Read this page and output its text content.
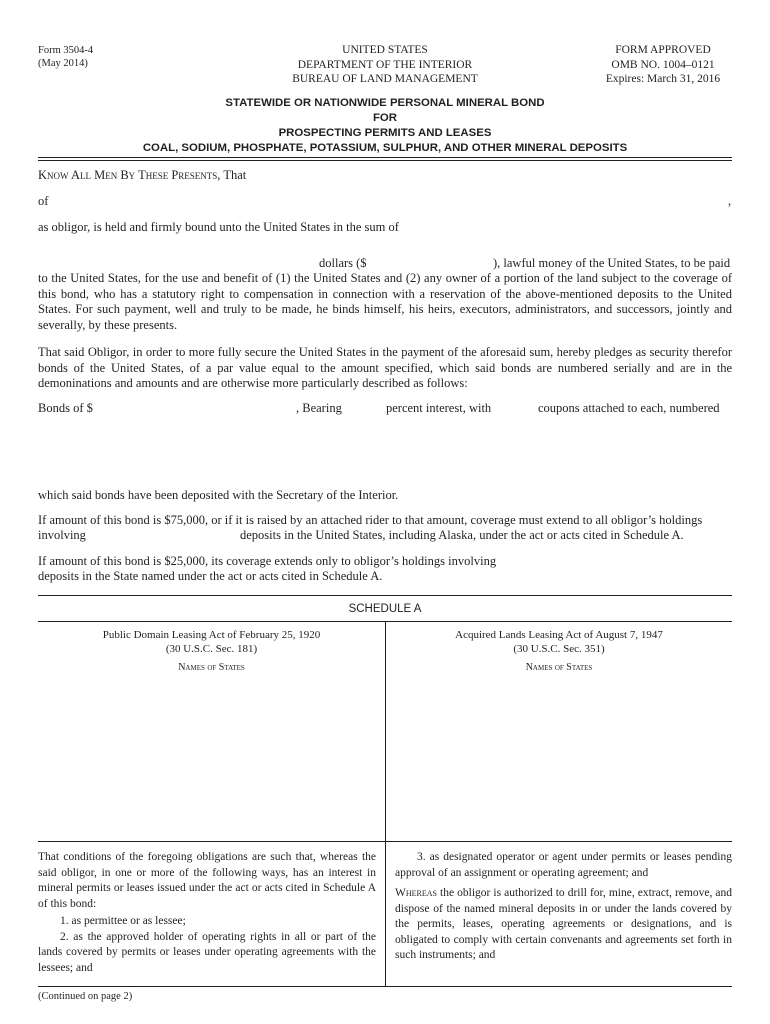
Form 3504-4
(May 2014)
UNITED STATES
DEPARTMENT OF THE INTERIOR
BUREAU OF LAND MANAGEMENT
FORM APPROVED
OMB NO. 1004–0121
Expires: March 31, 2016
STATEWIDE OR NATIONWIDE PERSONAL MINERAL BOND
FOR
PROSPECTING PERMITS AND LEASES
COAL, SODIUM, PHOSPHATE, POTASSIUM, SULPHUR, AND OTHER MINERAL DEPOSITS
Know All Men By These Presents, That
of	,
as obligor, is held and firmly bound unto the United States in the sum of
dollars ($	), lawful money of the United States, to be paid
to the United States, for the use and benefit of (1) the United States and (2) any owner of a portion of the land subject to the coverage of this bond, who has a statutory right to compensation in connection with a reservation of the above-mentioned deposits to the United States. For such payment, well and truly to be made, he binds himself, his heirs, executors, administrators, and successors, jointly and severally, by these presents.
That said Obligor, in order to more fully secure the United States in the payment of the aforesaid sum, hereby pledges as security therefor bonds of the United States, of a par value equal to the amount specified, which said bonds are numbered serially and are in the demoninations and amounts and are otherwise more particularly described as follows:
Bonds of $	, Bearing	percent interest, with	coupons attached to each, numbered
which said bonds have been deposited with the Secretary of the Interior.
If amount of this bond is $75,000, or if it is raised by an attached rider to that amount, coverage must extend to all obligor’s holdings
involving	deposits in the United States, including Alaska, under the act or acts cited in Schedule A.
If amount of this bond is $25,000, its coverage extends only to obligor’s holdings involving
deposits in the State named under the act or acts cited in Schedule A.
SCHEDULE A
Public Domain Leasing Act of February 25, 1920
(30 U.S.C. Sec. 181)
Names of States
Acquired Lands Leasing Act of August 7, 1947
(30 U.S.C. Sec. 351)
Names of States
That conditions of the foregoing obligations are such that, whereas the said obligor, in one or more of the following ways, has an interest in mineral permits or leases issued under the act or acts cited in Schedule A of this bond:
1. as permittee or as lessee;
2. as the approved holder of operating rights in all or part of the lands covered by permits or leases under operating agreements with the lessees; and
3. as designated operator or agent under permits or leases pending approval of an assignment or operating agreement; and
Whereas the obligor is authorized to drill for, mine, extract, remove, and dispose of the named mineral deposits in or under the lands covered by the permits, leases, operating agreements or designations, and is obligated to comply with certain convenants and agreements set forth in such instruments; and
(Continued on page 2)
